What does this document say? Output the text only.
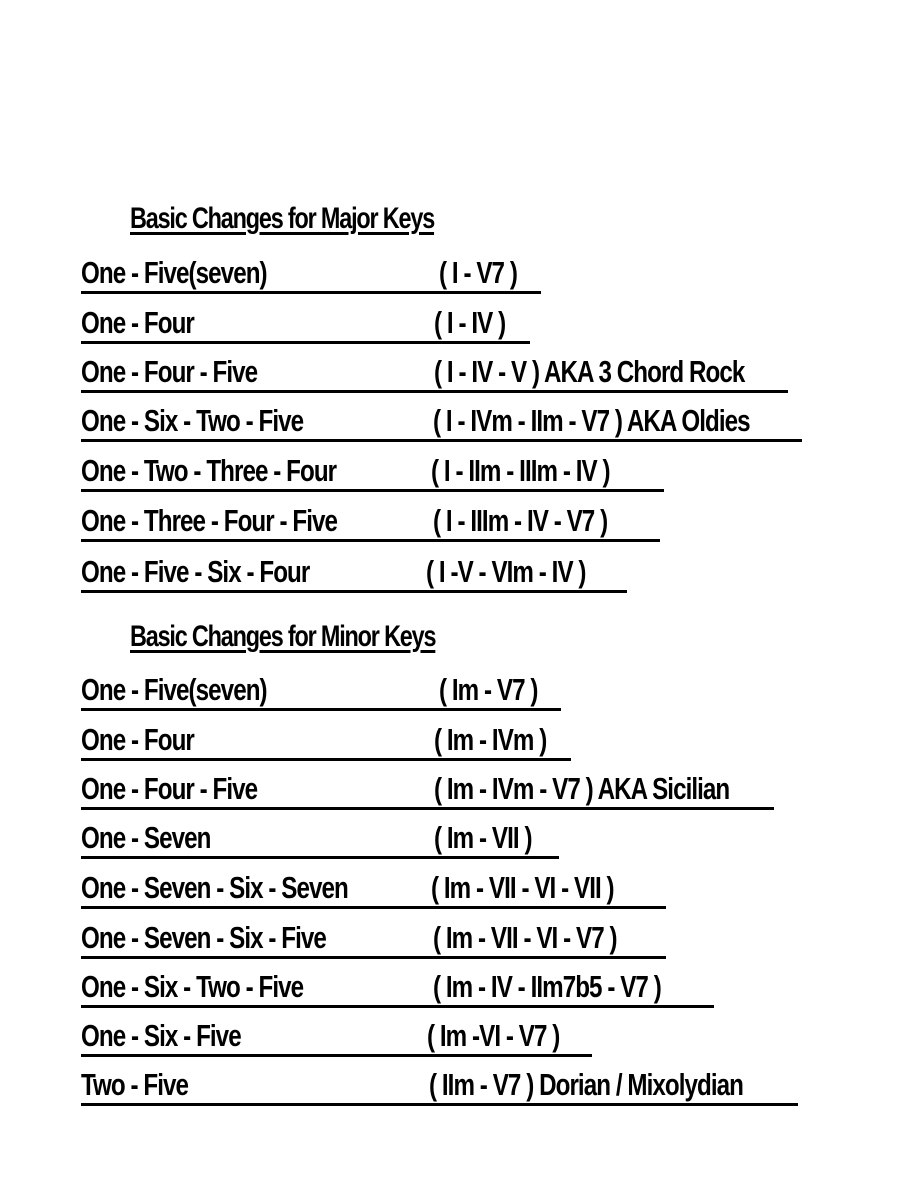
Basic Changes for Major Keys
One - Five(seven)	( I - V7 )
One - Four	( I - IV )
One - Four - Five	( I - IV - V ) AKA 3 Chord Rock
One - Six - Two - Five	( I - IVm - IIm - V7 ) AKA Oldies
One - Two - Three - Four	( I - IIm - IIIm - IV )
One - Three - Four - Five	( I - IIIm - IV - V7 )
One - Five - Six - Four	( I -V - VIm - IV )
Basic Changes for Minor Keys
One - Five(seven)	( Im - V7 )
One - Four	( Im - IVm )
One - Four - Five	( Im - IVm - V7 ) AKA Sicilian
One - Seven	( Im - VII )
One - Seven - Six - Seven	( Im - VII - VI - VII )
One - Seven - Six - Five	( Im - VII - VI - V7 )
One - Six - Two - Five	( Im - IV - IIm7b5 - V7 )
One - Six - Five	( Im -VI - V7 )
Two - Five	( IIm - V7 ) Dorian / Mixolydian
